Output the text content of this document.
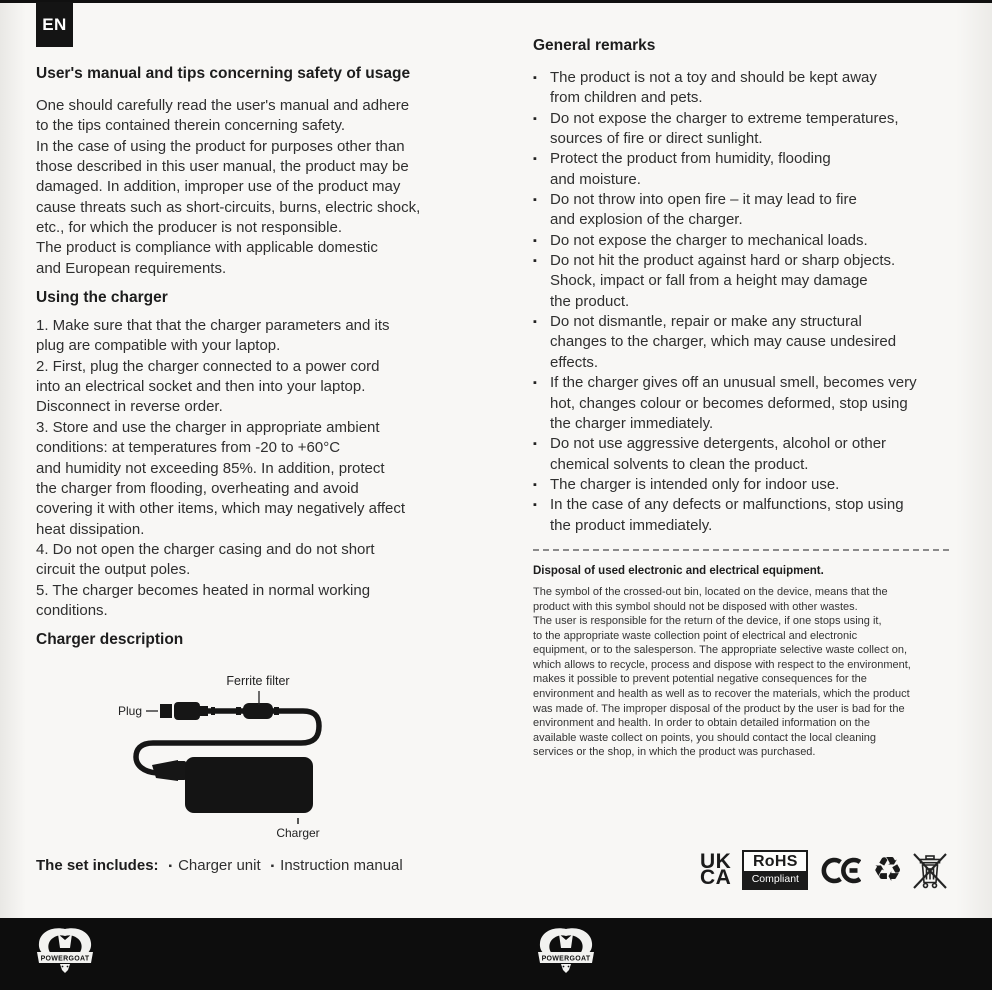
EN
User's manual and tips concerning safety of usage
One should carefully read the user's manual and adhere
to the tips contained therein concerning safety.
In the case of using the product for purposes other than
those described in this user manual, the product may be
damaged. In addition, improper use of the product may
cause threats such as short-circuits, burns, electric shock,
etc., for which the producer is not responsible.
The product is compliance with applicable domestic
and European requirements.
Using the charger
1. Make sure that that the charger parameters and its
plug are compatible with your laptop.
2. First, plug the charger connected to a power cord
into an electrical socket and then into your laptop.
Disconnect in reverse order.
3. Store and use the charger in appropriate ambient
conditions: at temperatures from -20 to +60°C
and humidity not exceeding 85%. In addition, protect
the charger from flooding, overheating and avoid
covering it with other items, which may negatively affect
heat dissipation.
4. Do not open the charger casing and do not short
circuit the output poles.
5. The charger becomes heated in normal working
conditions.
Charger description
Ferrite filter
Plug
Charger
The set includes: ▪ Charger unit ▪ Instruction manual
General remarks
▪ The product is not a toy and should be kept away
from children and pets.
▪ Do not expose the charger to extreme temperatures,
sources of fire or direct sunlight.
▪ Protect the product from humidity, flooding
and moisture.
▪ Do not throw into open fire – it may lead to fire
and explosion of the charger.
▪ Do not expose the charger to mechanical loads.
▪ Do not hit the product against hard or sharp objects.
Shock, impact or fall from a height may damage
the product.
▪ Do not dismantle, repair or make any structural
changes to the charger, which may cause undesired
effects.
▪ If the charger gives off an unusual smell, becomes very
hot, changes colour or becomes deformed, stop using
the charger immediately.
▪ Do not use aggressive detergents, alcohol or other
chemical solvents to clean the product.
▪ The charger is intended only for indoor use.
▪ In the case of any defects or malfunctions, stop using
the product immediately.
Disposal of used electronic and electrical equipment.
The symbol of the crossed-out bin, located on the device, means that the
product with this symbol should not be disposed with other wastes.
The user is responsible for the return of the device, if one stops using it,
to the appropriate waste collection point of electrical and electronic
equipment, or to the salesperson. The appropriate selective waste collect on,
which allows to recycle, process and dispose with respect to the environment,
makes it possible to prevent potential negative consequences for the
environment and health as well as to recover the materials, which the product
was made of. The improper disposal of the product by the user is bad for the
environment and health. In order to obtain detailed information on the
available waste collect on points, you should contact the local cleaning
services or the shop, in which the product was purchased.
UK
CA
RoHS
Compliant ♻
POWERGOAT	POWERGOAT
